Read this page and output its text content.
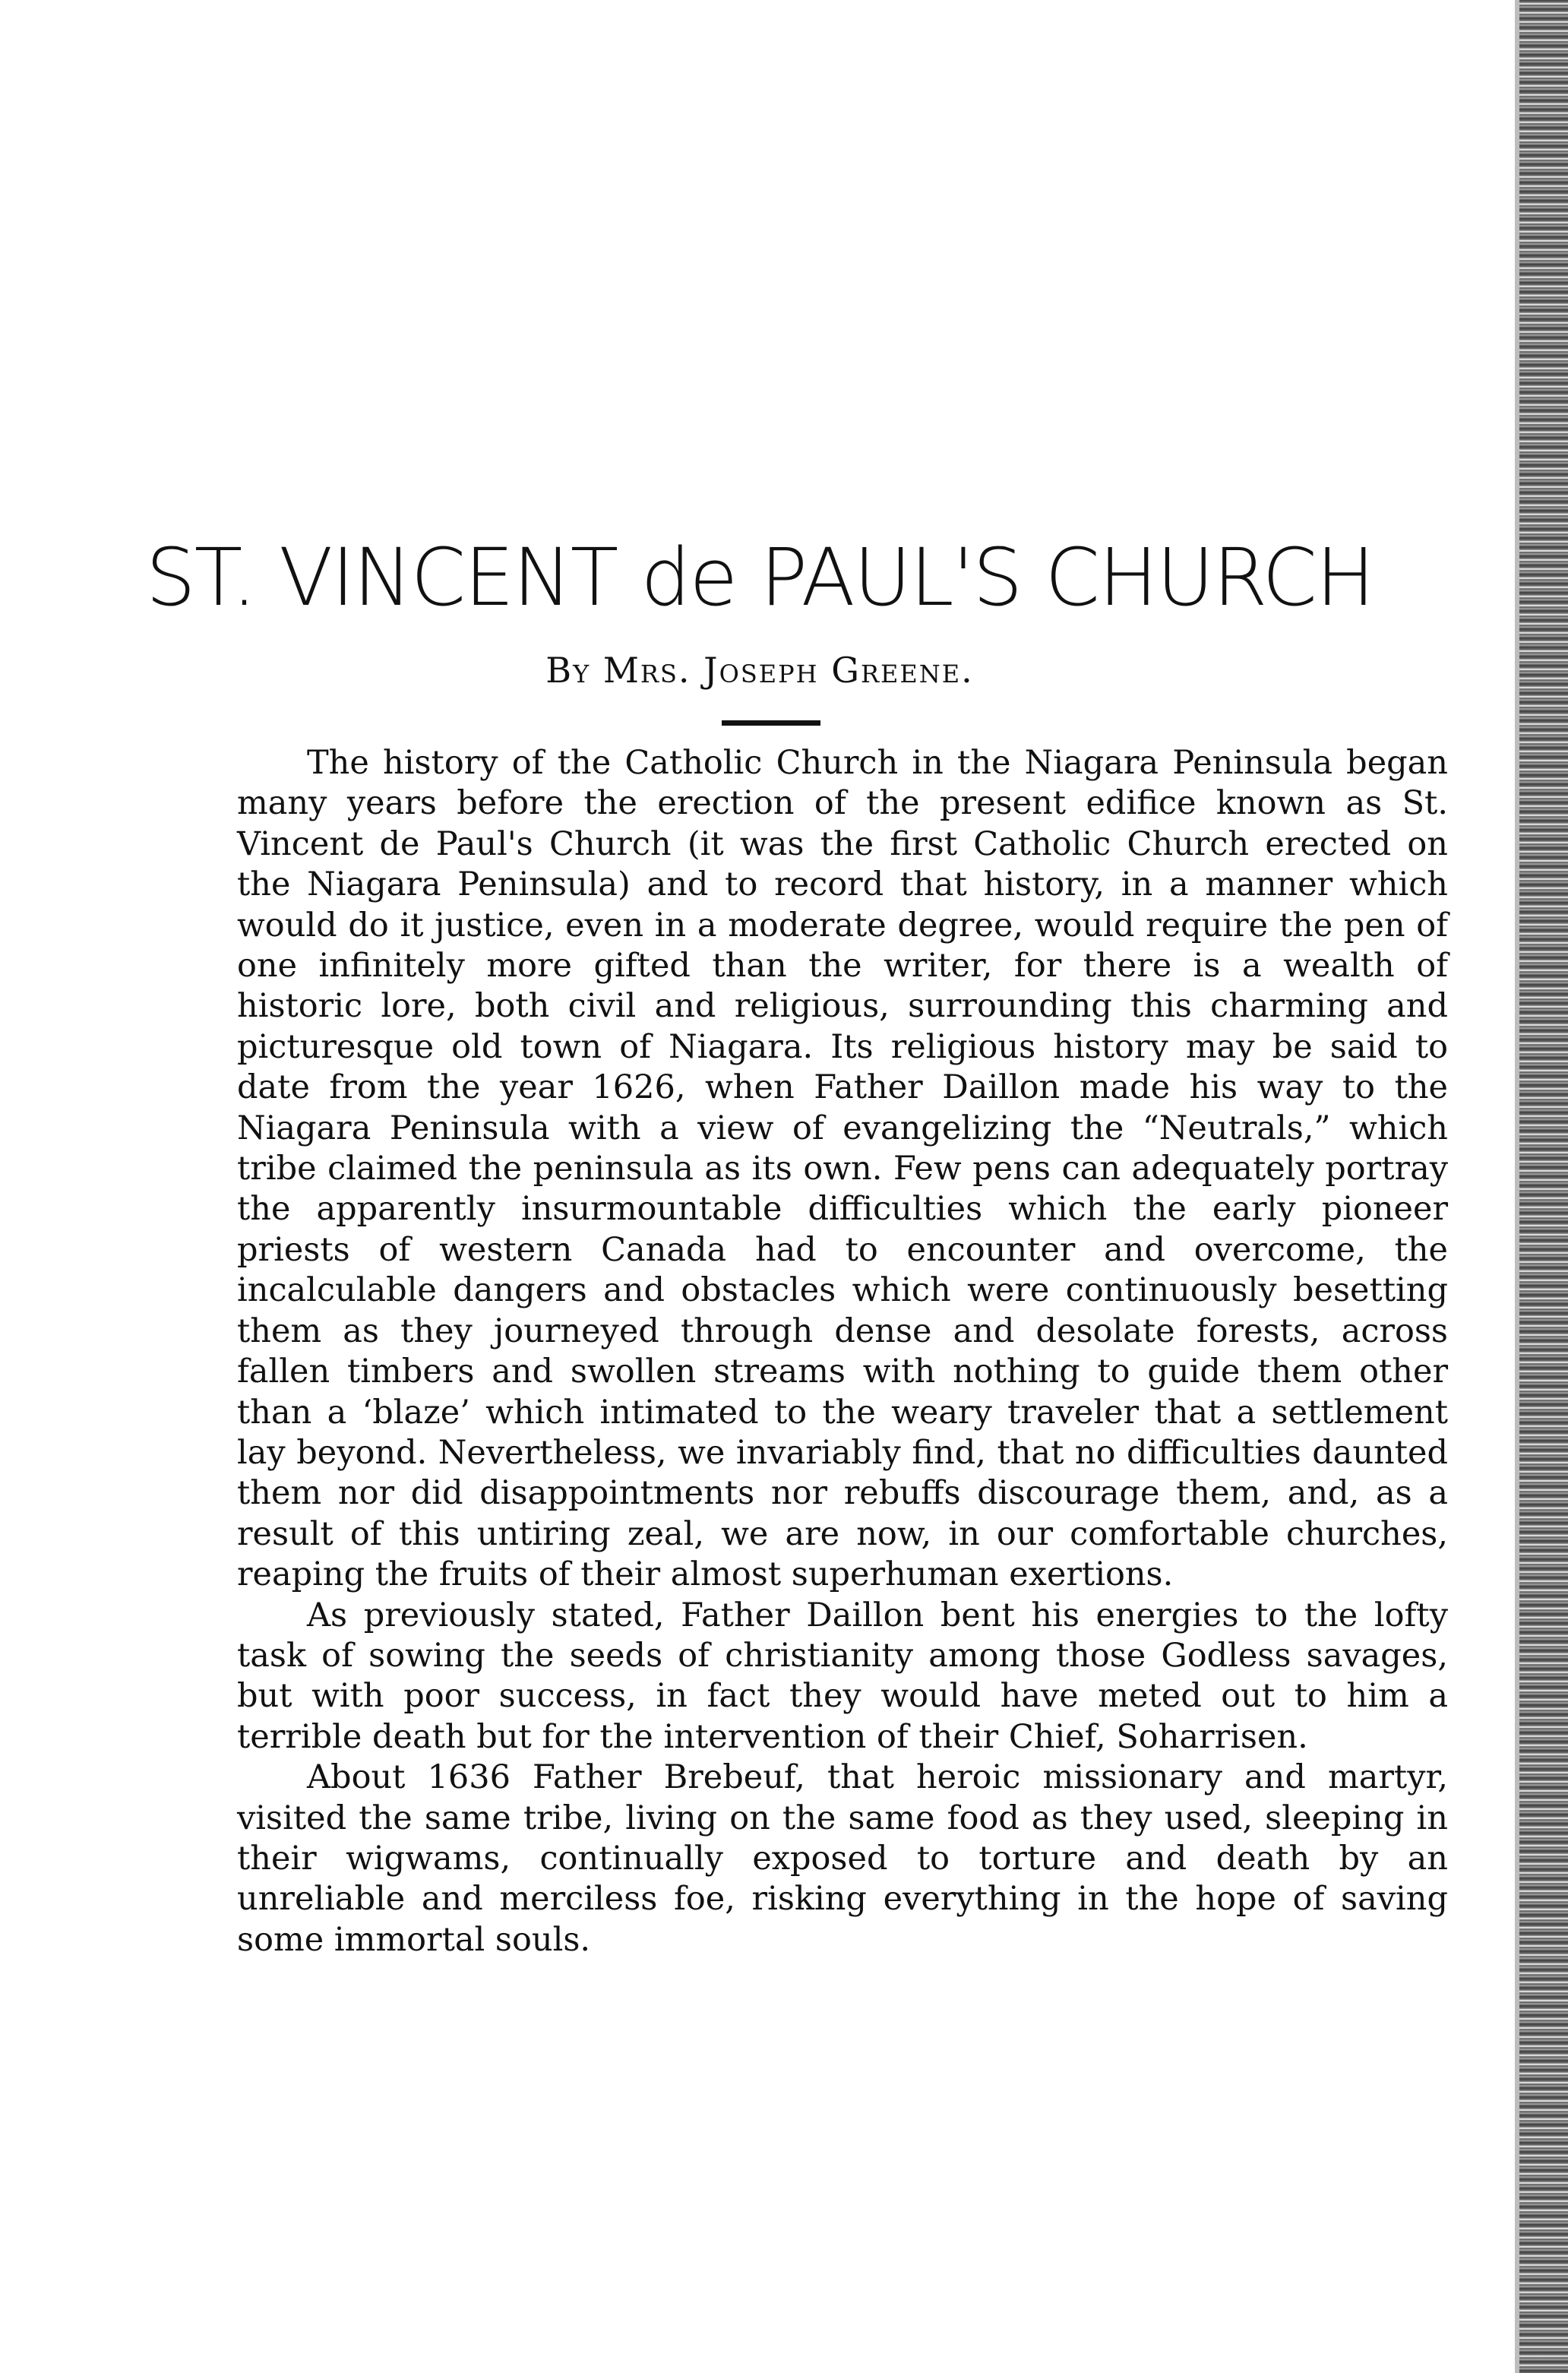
ST. VINCENT de PAUL'S CHURCH

By Mrs. Joseph Greene.

The history of the Catholic Church in the Niagara Peninsula began many years before the erection of the present edifice known as St. Vincent de Paul's Church (it was the first Catholic Church erected on the Niagara Peninsula) and to record that history, in a manner which would do it justice, even in a moderate degree, would require the pen of one infinitely more gifted than the writer, for there is a wealth of historic lore, both civil and religious, surrounding this charming and picturesque old town of Niagara. Its religious history may be said to date from the year 1626, when Father Daillon made his way to the Niagara Peninsula with a view of evangelizing the “Neutrals,” which tribe claimed the peninsula as its own. Few pens can adequately portray the apparently insurmountable difficulties which the early pioneer priests of western Canada had to encounter and overcome, the incalculable dangers and obstacles which were continuously besetting them as they journeyed through dense and desolate forests, across fallen timbers and swollen streams with nothing to guide them other than a ‘blaze’ which intimated to the weary traveler that a settlement lay beyond. Nevertheless, we invariably find, that no difficulties daunted them nor did disappointments nor rebuffs discourage them, and, as a result of this untiring zeal, we are now, in our comfortable churches, reaping the fruits of their almost superhuman exertions.

As previously stated, Father Daillon bent his energies to the lofty task of sowing the seeds of christianity among those Godless savages, but with poor success, in fact they would have meted out to him a terrible death but for the intervention of their Chief, Soharrisen.

About 1636 Father Brebeuf, that heroic missionary and martyr, visited the same tribe, living on the same food as they used, sleeping in their wigwams, continually exposed to torture and death by an unreliable and merciless foe, risking everything in the hope of saving some immortal souls.
